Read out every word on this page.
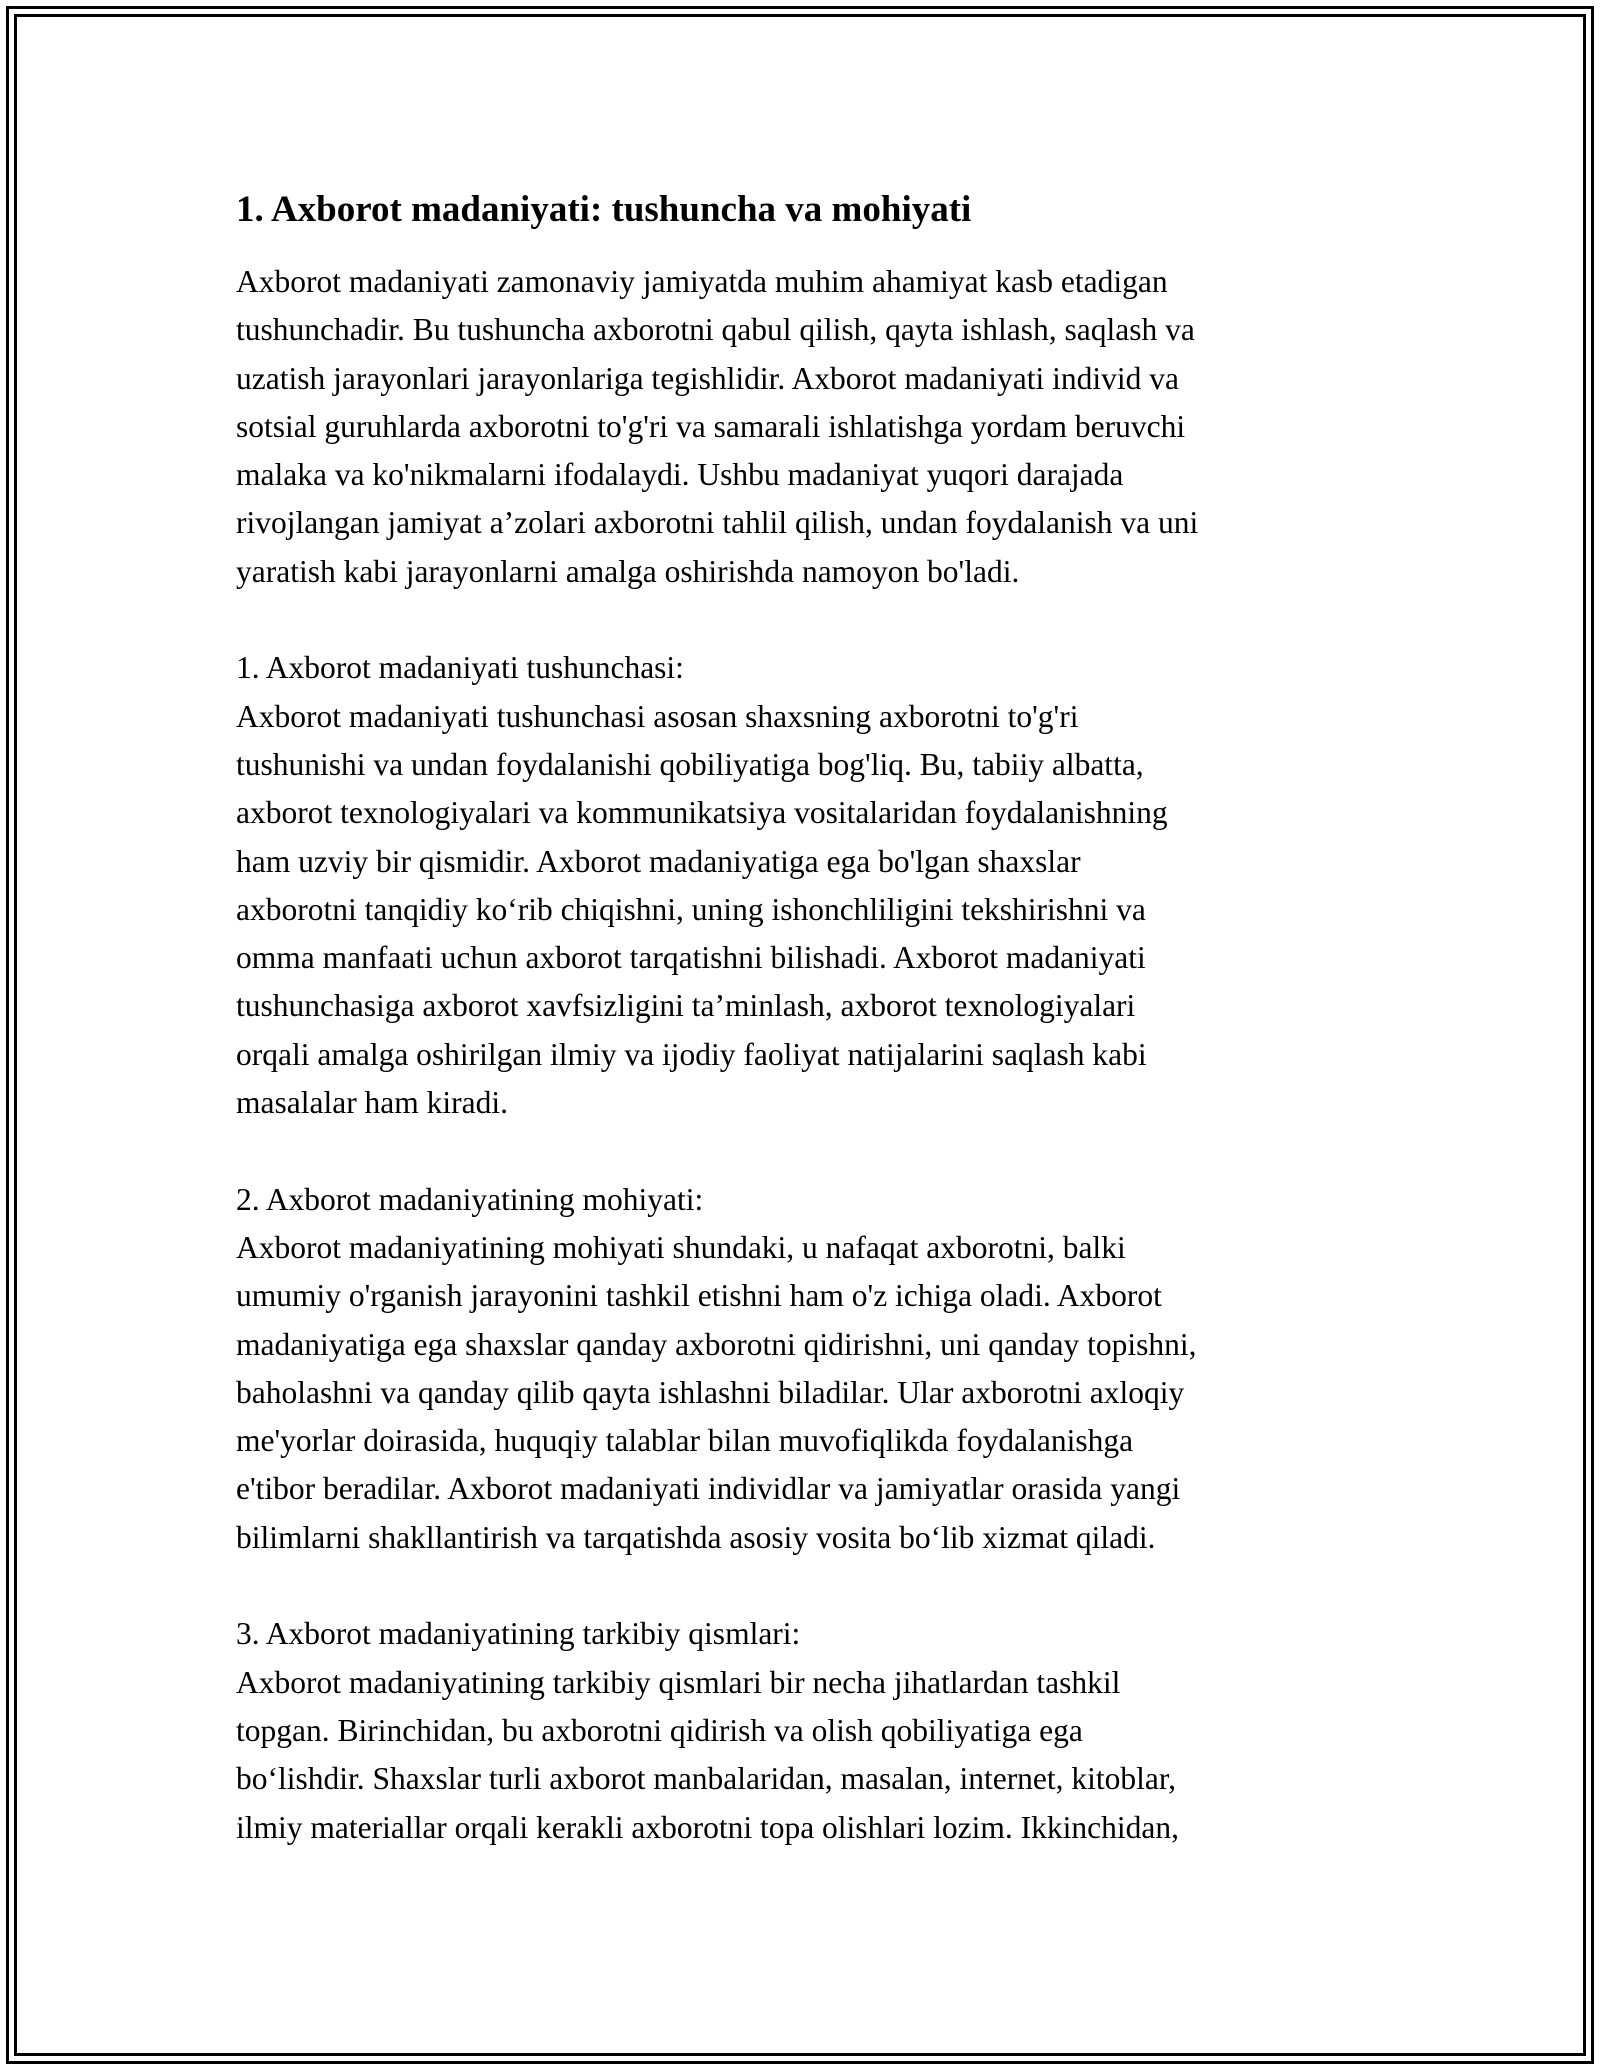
1. Axborot madaniyati: tushuncha va mohiyati

Axborot madaniyati zamonaviy jamiyatda muhim ahamiyat kasb etadigan
tushunchadir. Bu tushuncha axborotni qabul qilish, qayta ishlash, saqlash va
uzatish jarayonlari jarayonlariga tegishlidir. Axborot madaniyati individ va
sotsial guruhlarda axborotni to'g'ri va samarali ishlatishga yordam beruvchi
malaka va ko'nikmalarni ifodalaydi. Ushbu madaniyat yuqori darajada
rivojlangan jamiyat a’zolari axborotni tahlil qilish, undan foydalanish va uni
yaratish kabi jarayonlarni amalga oshirishda namoyon bo'ladi.

1. Axborot madaniyati tushunchasi:
Axborot madaniyati tushunchasi asosan shaxsning axborotni to'g'ri
tushunishi va undan foydalanishi qobiliyatiga bog'liq. Bu, tabiiy albatta,
axborot texnologiyalari va kommunikatsiya vositalaridan foydalanishning
ham uzviy bir qismidir. Axborot madaniyatiga ega bo'lgan shaxslar
axborotni tanqidiy ko‘rib chiqishni, uning ishonchliligini tekshirishni va
omma manfaati uchun axborot tarqatishni bilishadi. Axborot madaniyati
tushunchasiga axborot xavfsizligini ta’minlash, axborot texnologiyalari
orqali amalga oshirilgan ilmiy va ijodiy faoliyat natijalarini saqlash kabi
masalalar ham kiradi.

2. Axborot madaniyatining mohiyati:
Axborot madaniyatining mohiyati shundaki, u nafaqat axborotni, balki
umumiy o'rganish jarayonini tashkil etishni ham o'z ichiga oladi. Axborot
madaniyatiga ega shaxslar qanday axborotni qidirishni, uni qanday topishni,
baholashni va qanday qilib qayta ishlashni biladilar. Ular axborotni axloqiy
me'yorlar doirasida, huquqiy talablar bilan muvofiqlikda foydalanishga
e'tibor beradilar. Axborot madaniyati individlar va jamiyatlar orasida yangi
bilimlarni shakllantirish va tarqatishda asosiy vosita bo‘lib xizmat qiladi.

3. Axborot madaniyatining tarkibiy qismlari:
Axborot madaniyatining tarkibiy qismlari bir necha jihatlardan tashkil
topgan. Birinchidan, bu axborotni qidirish va olish qobiliyatiga ega
bo‘lishdir. Shaxslar turli axborot manbalaridan, masalan, internet, kitoblar,
ilmiy materiallar orqali kerakli axborotni topa olishlari lozim. Ikkinchidan,
